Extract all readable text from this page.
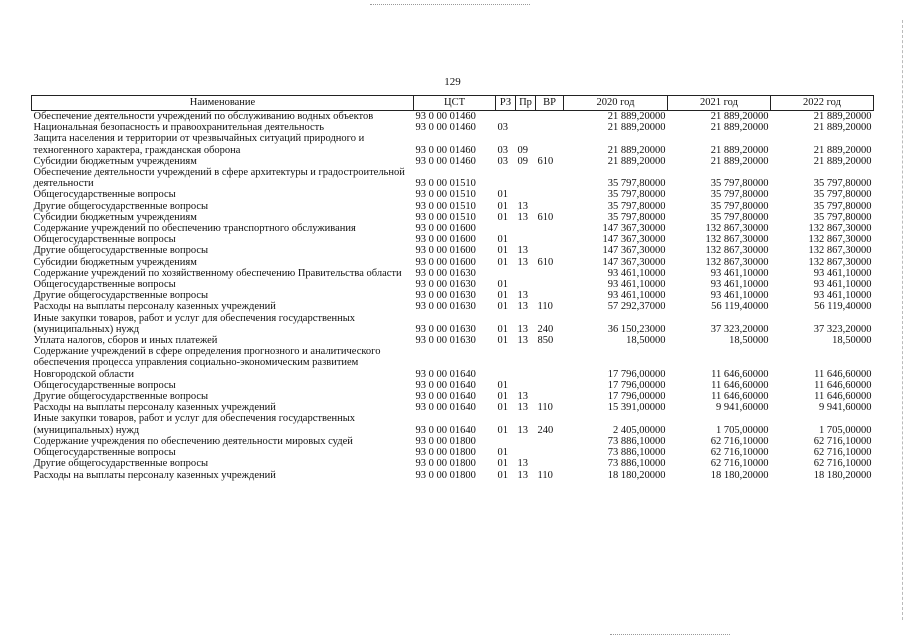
129
Наименование	ЦСТ	РЗ	Пр	ВР	2020 год	2021 год	2022 год
Обеспечение деятельности учреждений по обслуживанию водных объектов	93 0 00 01460				21 889,20000	21 889,20000	21 889,20000
Национальная безопасность и правоохранительная деятельность	93 0 00 01460	03			21 889,20000	21 889,20000	21 889,20000
Защита населения и территории от чрезвычайных ситуаций природного и техногенного характера, гражданская оборона	93 0 00 01460	03	09		21 889,20000	21 889,20000	21 889,20000
Субсидии бюджетным учреждениям	93 0 00 01460	03	09	610	21 889,20000	21 889,20000	21 889,20000
Обеспечение деятельности учреждений в сфере архитектуры и градостроительной деятельности	93 0 00 01510				35 797,80000	35 797,80000	35 797,80000
Общегосударственные вопросы	93 0 00 01510	01			35 797,80000	35 797,80000	35 797,80000
Другие общегосударственные вопросы	93 0 00 01510	01	13		35 797,80000	35 797,80000	35 797,80000
Субсидии бюджетным учреждениям	93 0 00 01510	01	13	610	35 797,80000	35 797,80000	35 797,80000
Содержание учреждений по обеспечению транспортного обслуживания	93 0 00 01600				147 367,30000	132 867,30000	132 867,30000
Общегосударственные вопросы	93 0 00 01600	01			147 367,30000	132 867,30000	132 867,30000
Другие общегосударственные вопросы	93 0 00 01600	01	13		147 367,30000	132 867,30000	132 867,30000
Субсидии бюджетным учреждениям	93 0 00 01600	01	13	610	147 367,30000	132 867,30000	132 867,30000
Содержание учреждений по хозяйственному обеспечению Правительства области	93 0 00 01630				93 461,10000	93 461,10000	93 461,10000
Общегосударственные вопросы	93 0 00 01630	01			93 461,10000	93 461,10000	93 461,10000
Другие общегосударственные вопросы	93 0 00 01630	01	13		93 461,10000	93 461,10000	93 461,10000
Расходы на выплаты персоналу казенных учреждений	93 0 00 01630	01	13	110	57 292,37000	56 119,40000	56 119,40000
Иные закупки товаров, работ и услуг для обеспечения государственных (муниципальных) нужд	93 0 00 01630	01	13	240	36 150,23000	37 323,20000	37 323,20000
Уплата налогов, сборов и иных платежей	93 0 00 01630	01	13	850	18,50000	18,50000	18,50000
Содержание учреждений в сфере определения прогнозного и аналитического обеспечения процесса управления социально-экономическим развитием Новгородской области	93 0 00 01640				17 796,00000	11 646,60000	11 646,60000
Общегосударственные вопросы	93 0 00 01640	01			17 796,00000	11 646,60000	11 646,60000
Другие общегосударственные вопросы	93 0 00 01640	01	13		17 796,00000	11 646,60000	11 646,60000
Расходы на выплаты персоналу казенных учреждений	93 0 00 01640	01	13	110	15 391,00000	9 941,60000	9 941,60000
Иные закупки товаров, работ и услуг для обеспечения государственных (муниципальных) нужд	93 0 00 01640	01	13	240	2 405,00000	1 705,00000	1 705,00000
Содержание учреждения по обеспечению деятельности мировых судей	93 0 00 01800				73 886,10000	62 716,10000	62 716,10000
Общегосударственные вопросы	93 0 00 01800	01			73 886,10000	62 716,10000	62 716,10000
Другие общегосударственные вопросы	93 0 00 01800	01	13		73 886,10000	62 716,10000	62 716,10000
Расходы на выплаты персоналу казенных учреждений	93 0 00 01800	01	13	110	18 180,20000	18 180,20000	18 180,20000
